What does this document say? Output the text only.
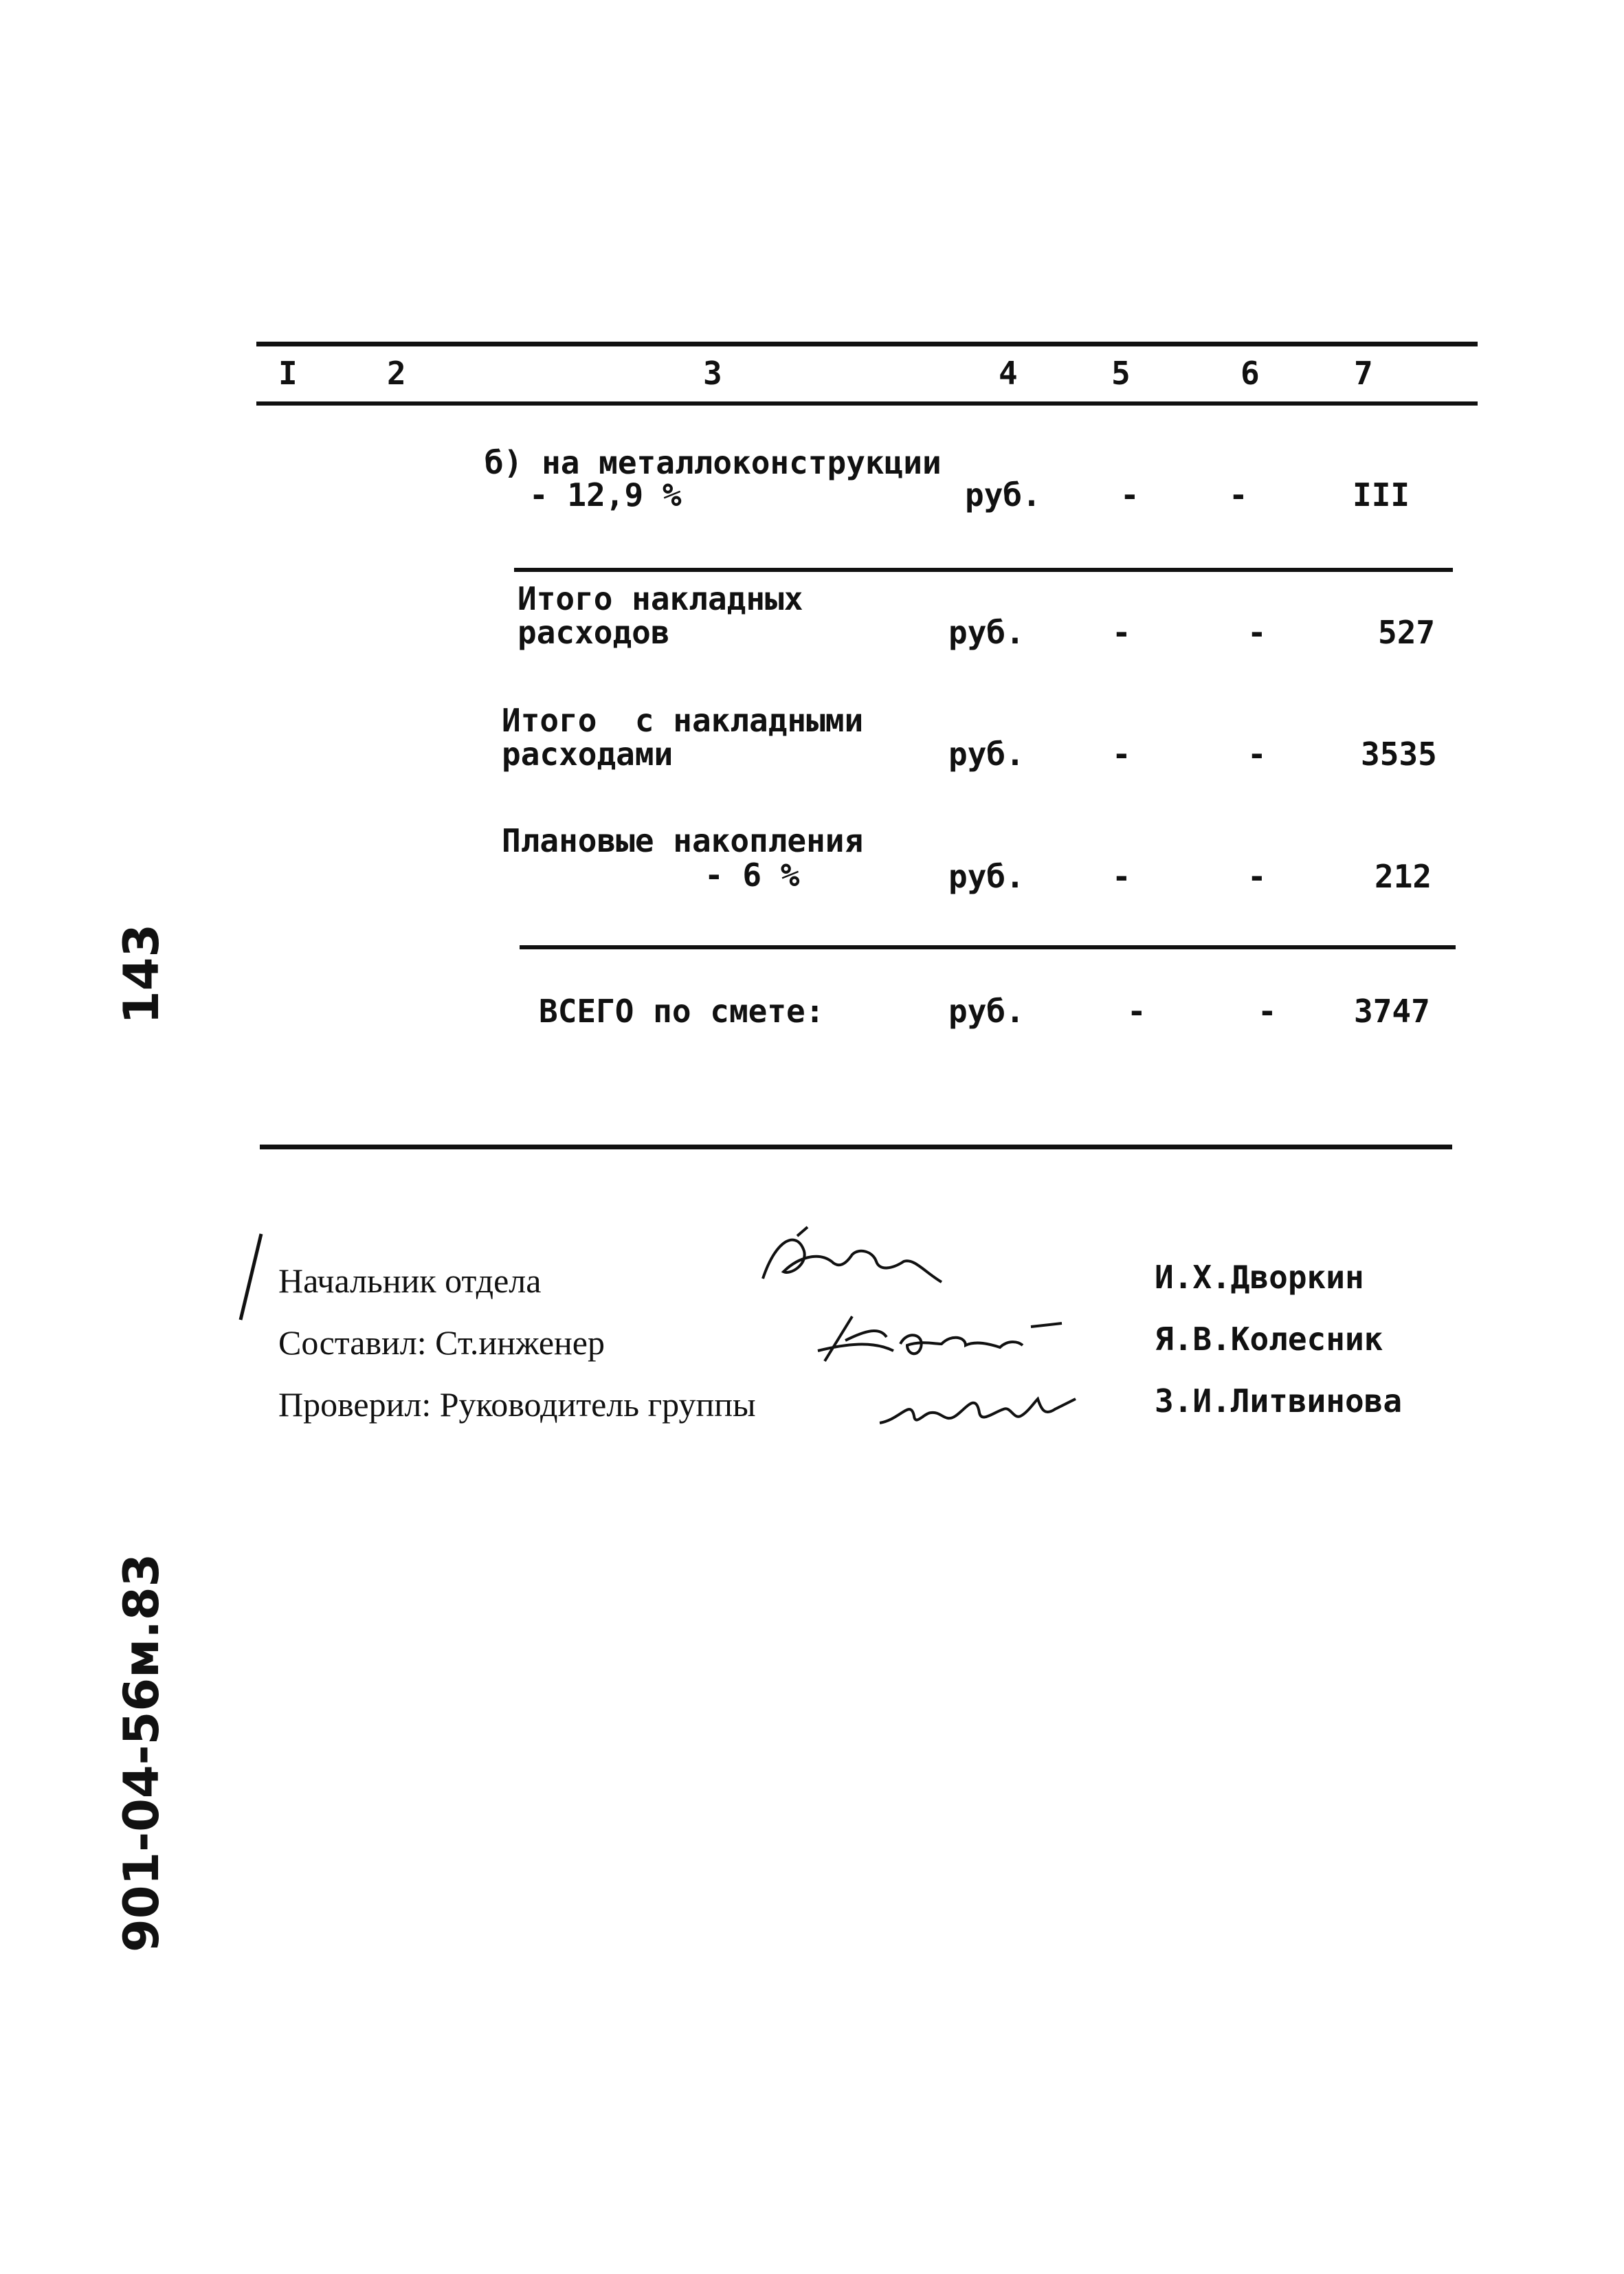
I	2	3	4	5	6	7
б) на металлоконструкции
- 12,9 %	руб.	-	-	III
Итого накладных
расходов	руб.	-	-	527
Итого  с накладными
расходами	руб.	-	-	3535
Плановые накопления
- 6 %	руб.	-	-	212
ВСЕГО по смете:	руб.	-	- 3747
Начальник отдела	И.Х.Дворкин
Составил: Ст.инженер	Я.В.Колесник
Проверил: Руководитель группы	З.И.Литвинова
143
901-04-56м.83
